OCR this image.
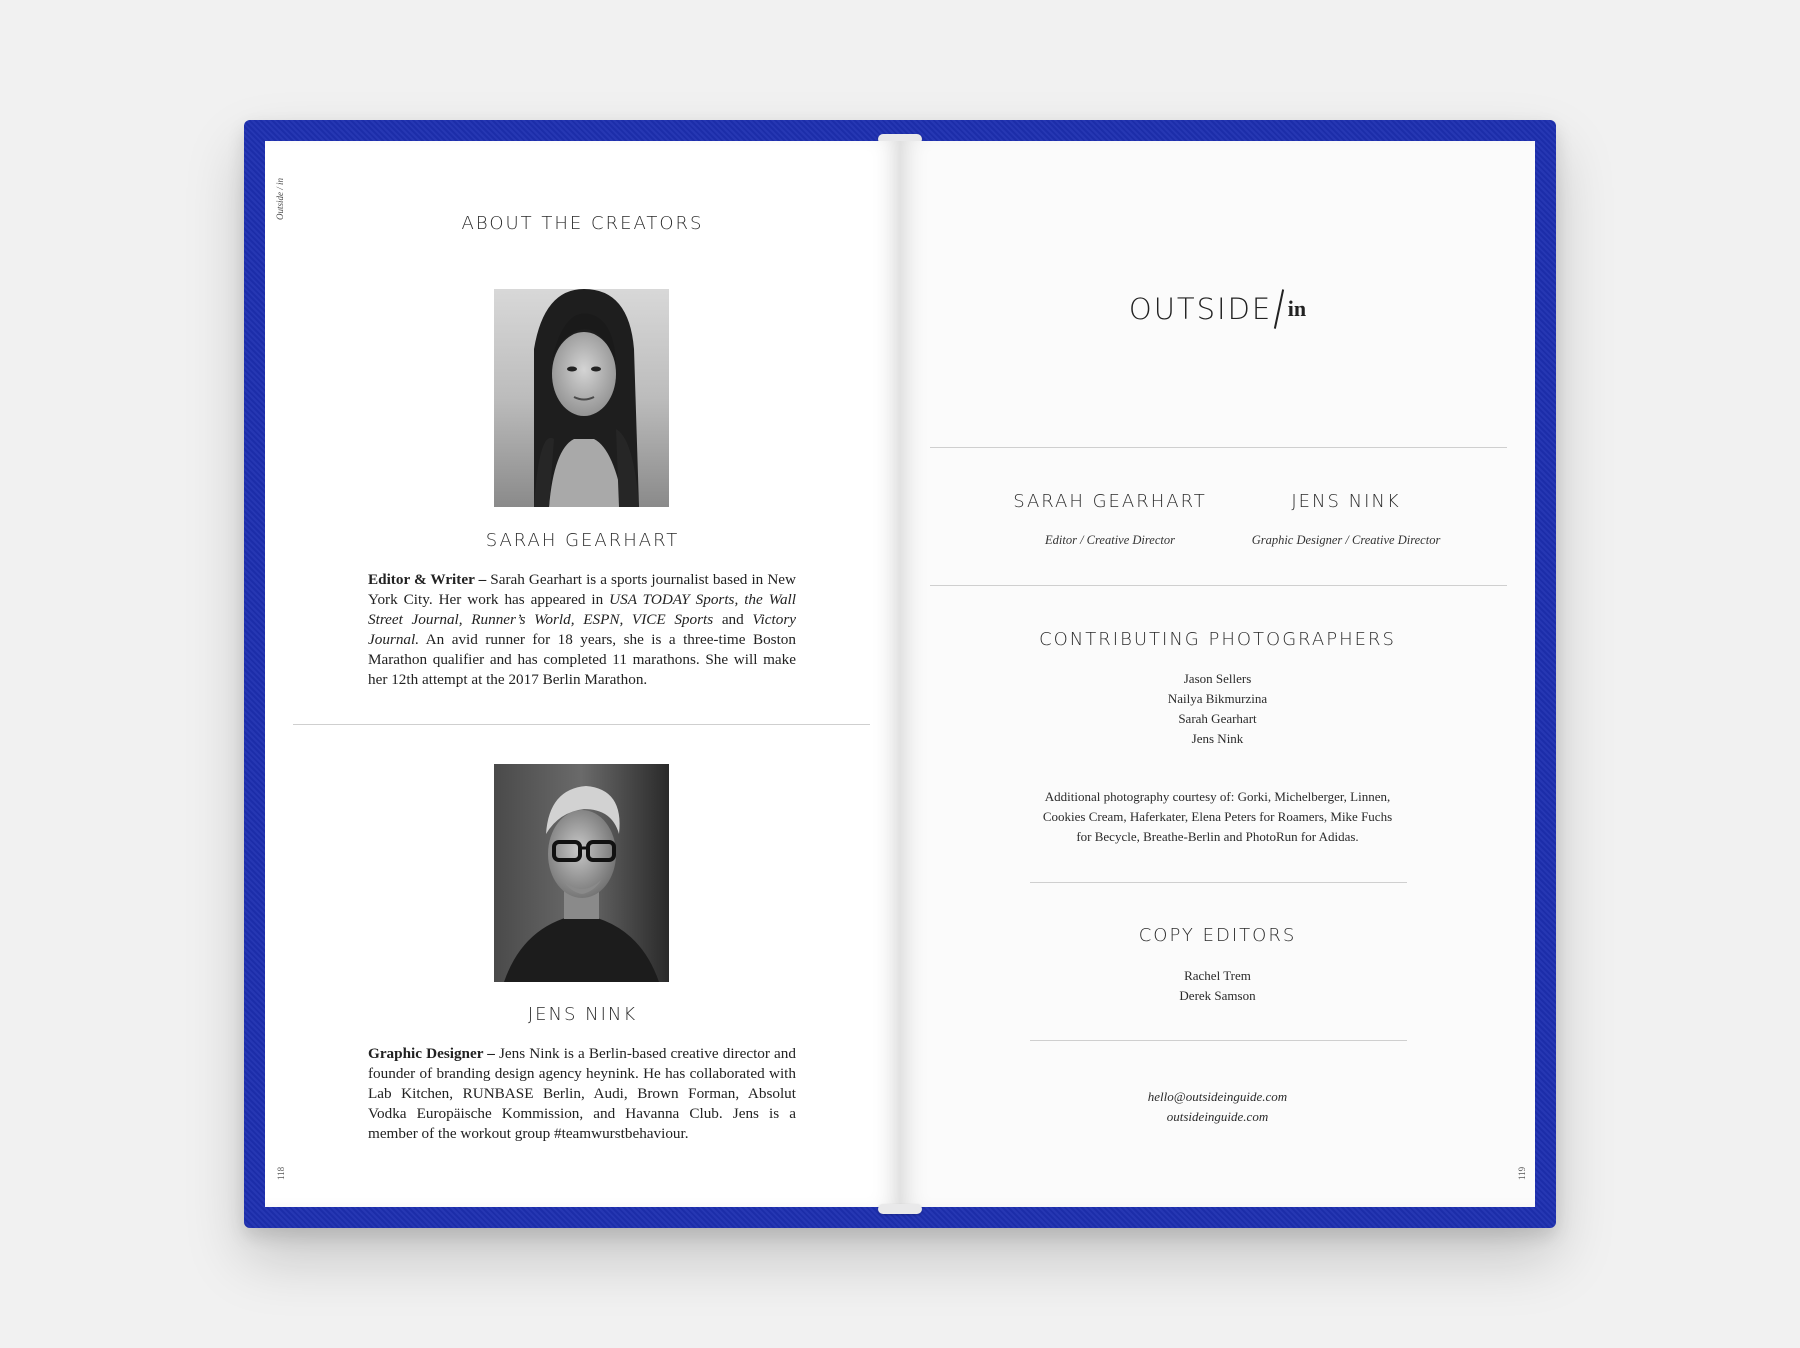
Outside / in
118
ABOUT THE CREATORS
SARAH GEARHART
Editor & Writer – Sarah Gearhart is a sports journalist based in New York City. Her work has appeared in USA TODAY Sports, the Wall Street Journal, Runner’s World, ESPN, VICE Sports and Victory Journal. An avid runner for 18 years, she is a three-time Boston Marathon qualifier and has completed 11 marathons. She will make her 12th attempt at the 2017 Berlin Marathon.
JENS NINK
Graphic Designer – Jens Nink is a Berlin-based creative director and founder of branding design agency heynink. He has collaborated with Lab Kitchen, RUNBASE Berlin, Audi, Brown Forman, Absolut Vodka Europäische Kommission, and Havanna Club. Jens is a member of the workout group #teamwurstbehaviour.
OUTSIDE in
SARAH GEARHART
Editor / Creative Director
JENS NINK
Graphic Designer / Creative Director
CONTRIBUTING PHOTOGRAPHERS
Jason Sellers
Nailya Bikmurzina
Sarah Gearhart
Jens Nink
Additional photography courtesy of: Gorki, Michelberger, Linnen, Cookies Cream, Haferkater, Elena Peters for Roamers, Mike Fuchs for Becycle, Breathe-Berlin and PhotoRun for Adidas.
COPY EDITORS
Rachel Trem
Derek Samson
hello@outsideinguide.com
outsideinguide.com
119
